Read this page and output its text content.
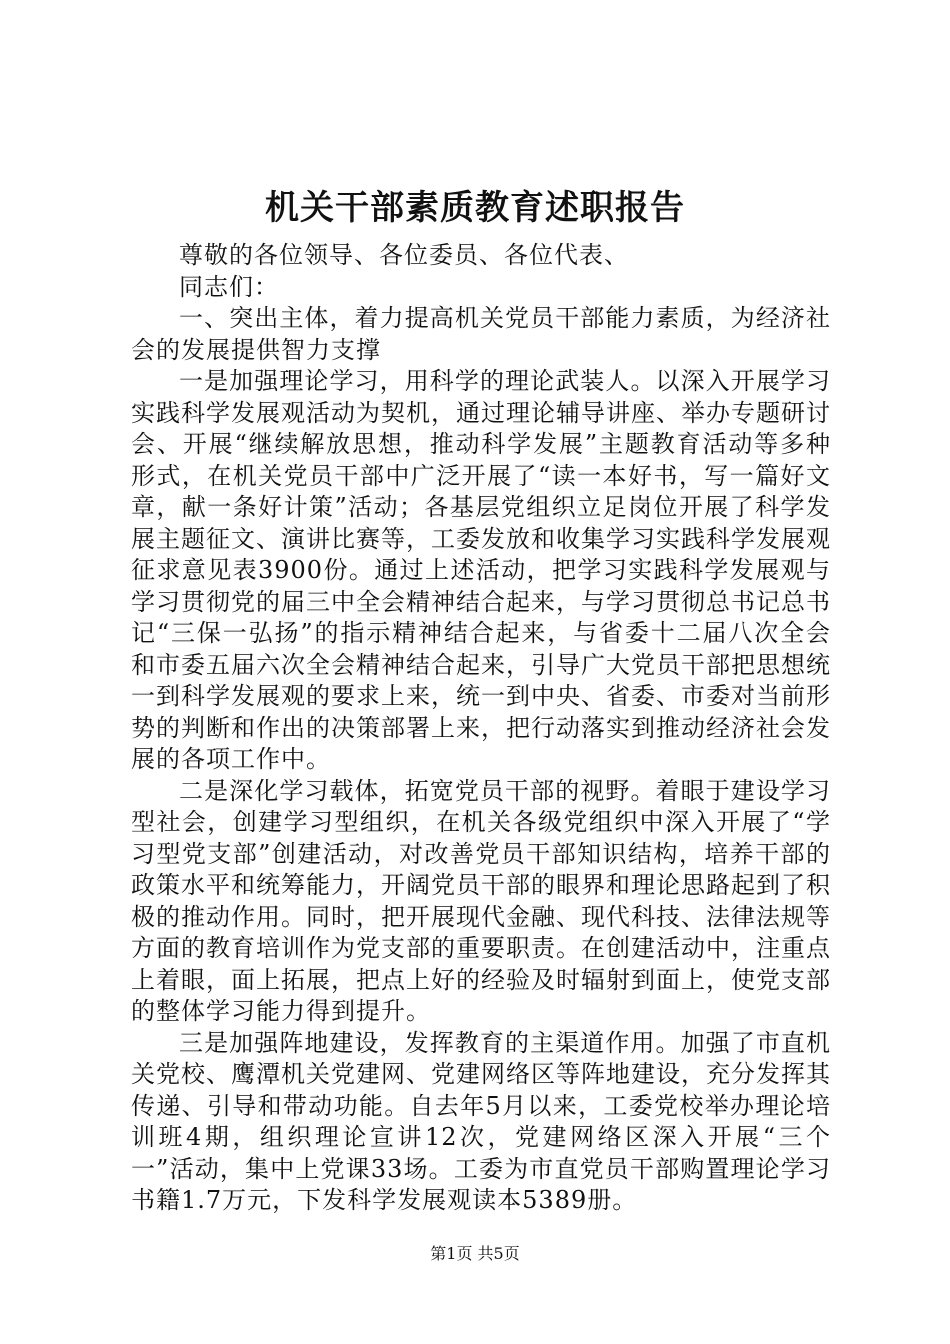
机关干部素质教育述职报告

尊敬的各位领导、各位委员、各位代表、

同志们：

一、突出主体，着力提高机关党员干部能力素质，为经济社会的发展提供智力支撑

一是加强理论学习，用科学的理论武装人。以深入开展学习实践科学发展观活动为契机，通过理论辅导讲座、举办专题研讨会、开展“继续解放思想，推动科学发展”主题教育活动等多种形式，在机关党员干部中广泛开展了“读一本好书，写一篇好文章，献一条好计策”活动；各基层党组织立足岗位开展了科学发展主题征文、演讲比赛等，工委发放和收集学习实践科学发展观征求意见表3900份。通过上述活动，把学习实践科学发展观与学习贯彻党的届三中全会精神结合起来，与学习贯彻总书记总书记“三保一弘扬”的指示精神结合起来，与省委十二届八次全会和市委五届六次全会精神结合起来，引导广大党员干部把思想统一到科学发展观的要求上来，统一到中央、省委、市委对当前形势的判断和作出的决策部署上来，把行动落实到推动经济社会发展的各项工作中。

二是深化学习载体，拓宽党员干部的视野。着眼于建设学习型社会，创建学习型组织，在机关各级党组织中深入开展了“学习型党支部”创建活动，对改善党员干部知识结构，培养干部的政策水平和统筹能力，开阔党员干部的眼界和理论思路起到了积极的推动作用。同时，把开展现代金融、现代科技、法律法规等方面的教育培训作为党支部的重要职责。在创建活动中，注重点上着眼，面上拓展，把点上好的经验及时辐射到面上，使党支部的整体学习能力得到提升。

三是加强阵地建设，发挥教育的主渠道作用。加强了市直机关党校、鹰潭机关党建网、党建网络区等阵地建设，充分发挥其传递、引导和带动功能。自去年5月以来，工委党校举办理论培训班4期，组织理论宣讲12次，党建网络区深入开展“三个一”活动，集中上党课33场。工委为市直党员干部购置理论学习书籍1.7万元，下发科学发展观读本5389册。

第1页 共5页
